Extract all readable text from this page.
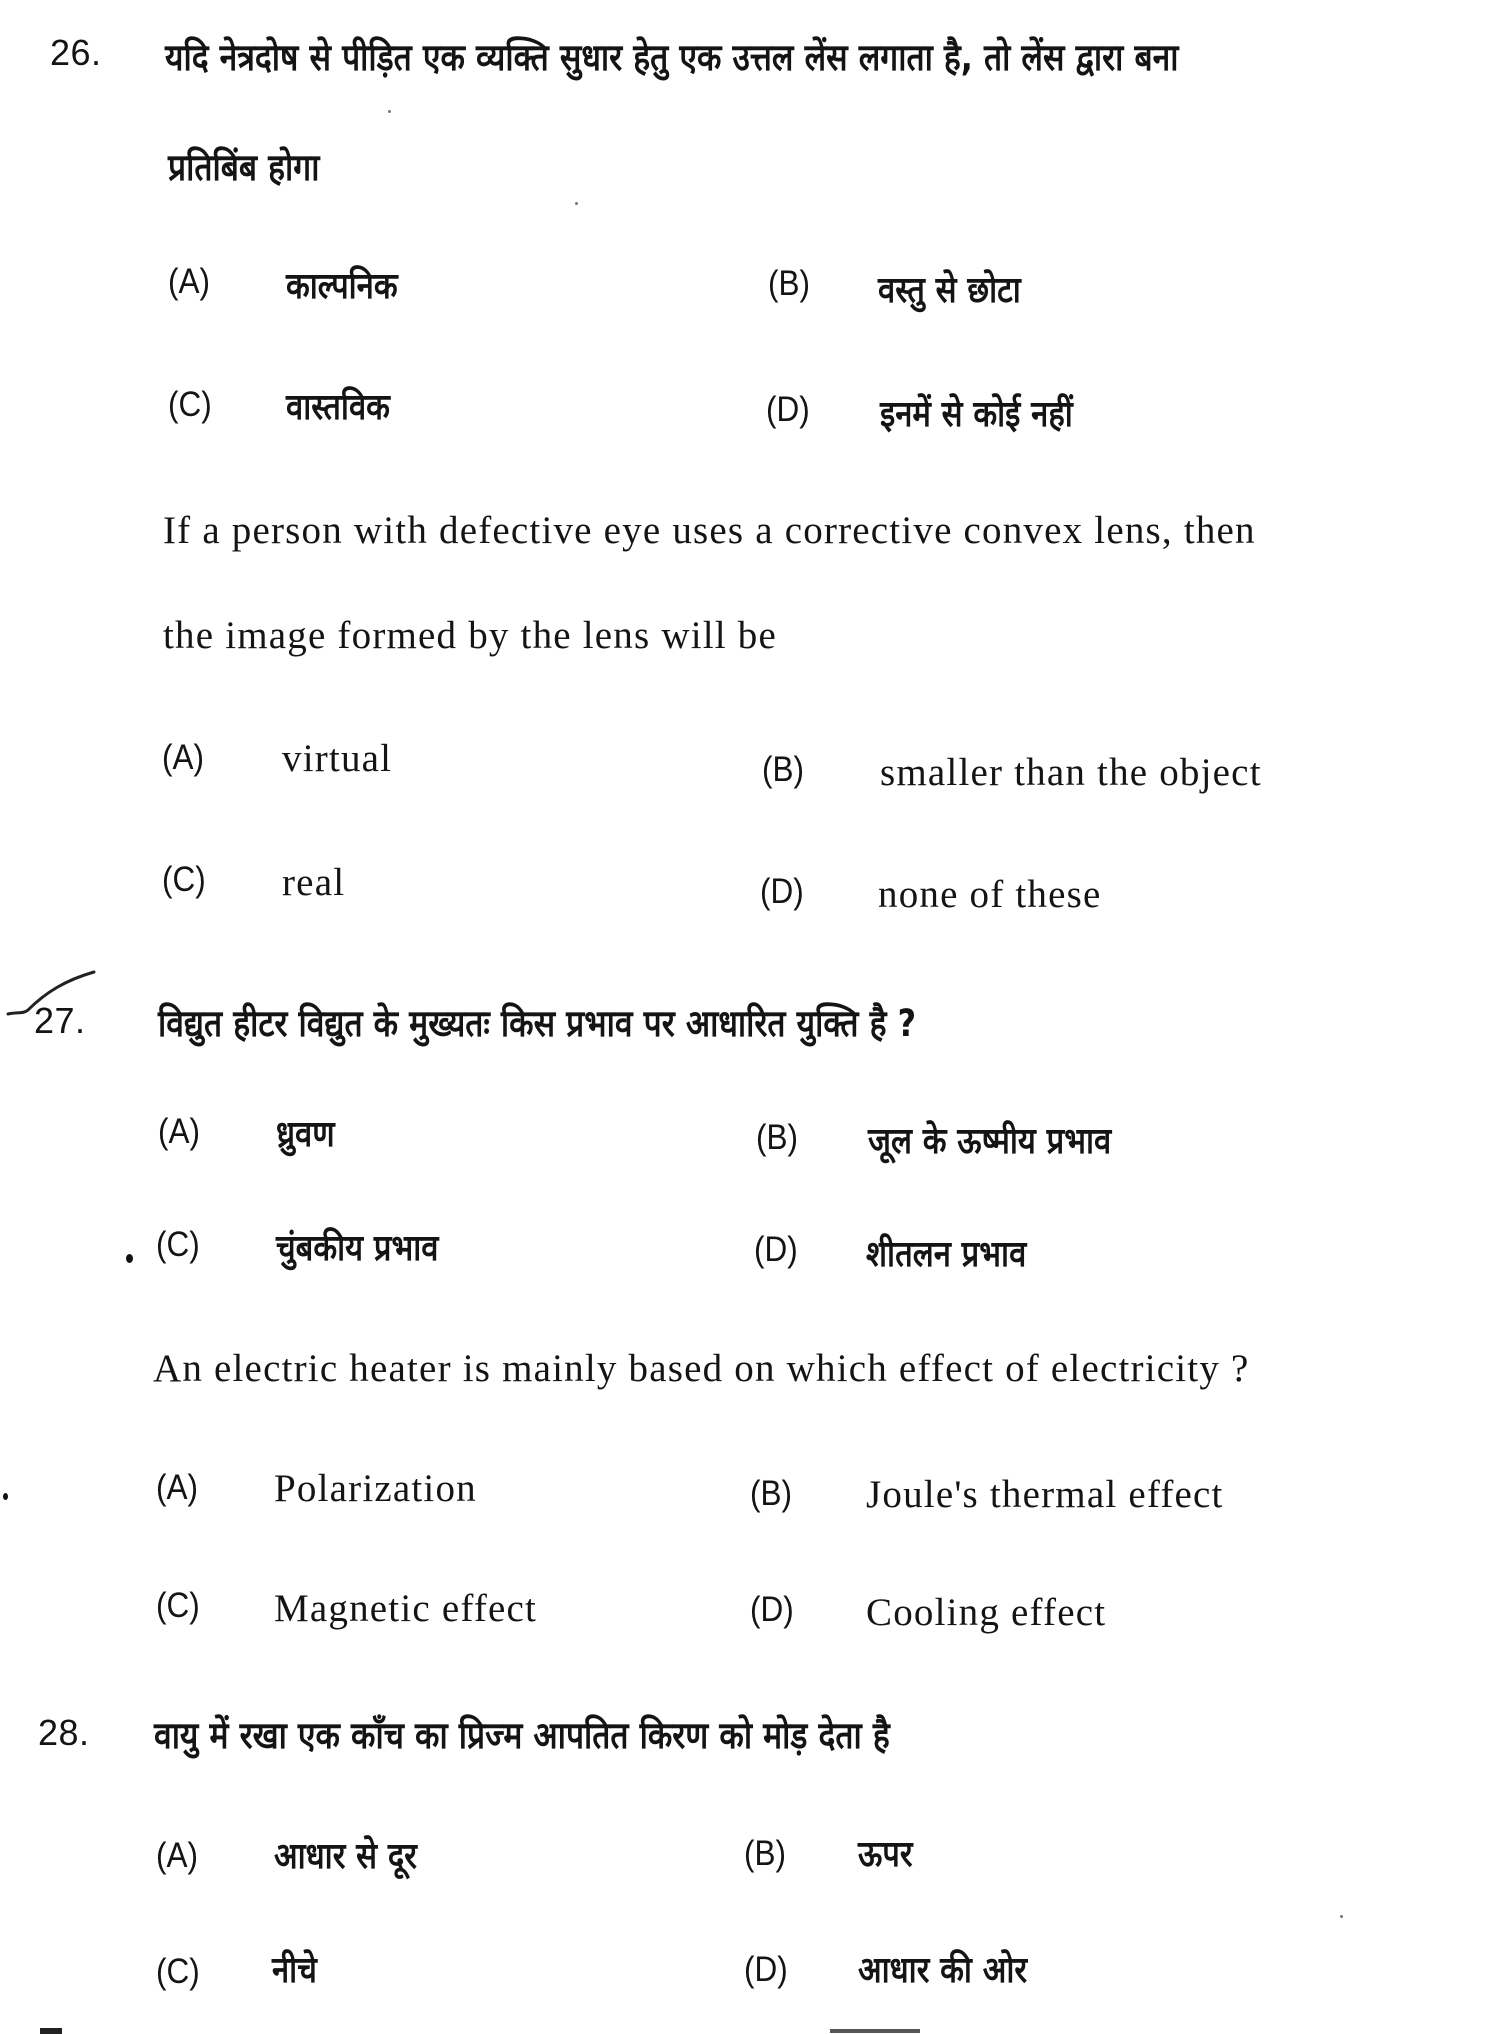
26. यदि नेत्रदोष से पीड़ित एक व्यक्ति सुधार हेतु एक उत्तल लेंस लगाता है, तो लेंस द्वारा बना
प्रतिबिंब होगा
(A) काल्पनिक	(B) वस्तु से छोटा
(C) वास्तविक	(D) इनमें से कोई नहीं
If a person with defective eye uses a corrective convex lens, then
the image formed by the lens will be
(A) virtual	(B) smaller than the object
(C) real	(D) none of these
27. विद्युत हीटर विद्युत के मुख्यतः किस प्रभाव पर आधारित युक्ति है ?
(A) ध्रुवण	(B) जूल के ऊष्मीय प्रभाव
(C) चुंबकीय प्रभाव	(D) शीतलन प्रभाव
An electric heater is mainly based on which effect of electricity ?
(A) Polarization	(B) Joule's thermal effect
(C) Magnetic effect	(D) Cooling effect
28. वायु में रखा एक काँच का प्रिज्म आपतित किरण को मोड़ देता है
(A) आधार से दूर	(B) ऊपर
(C) नीचे	(D) आधार की ओर
